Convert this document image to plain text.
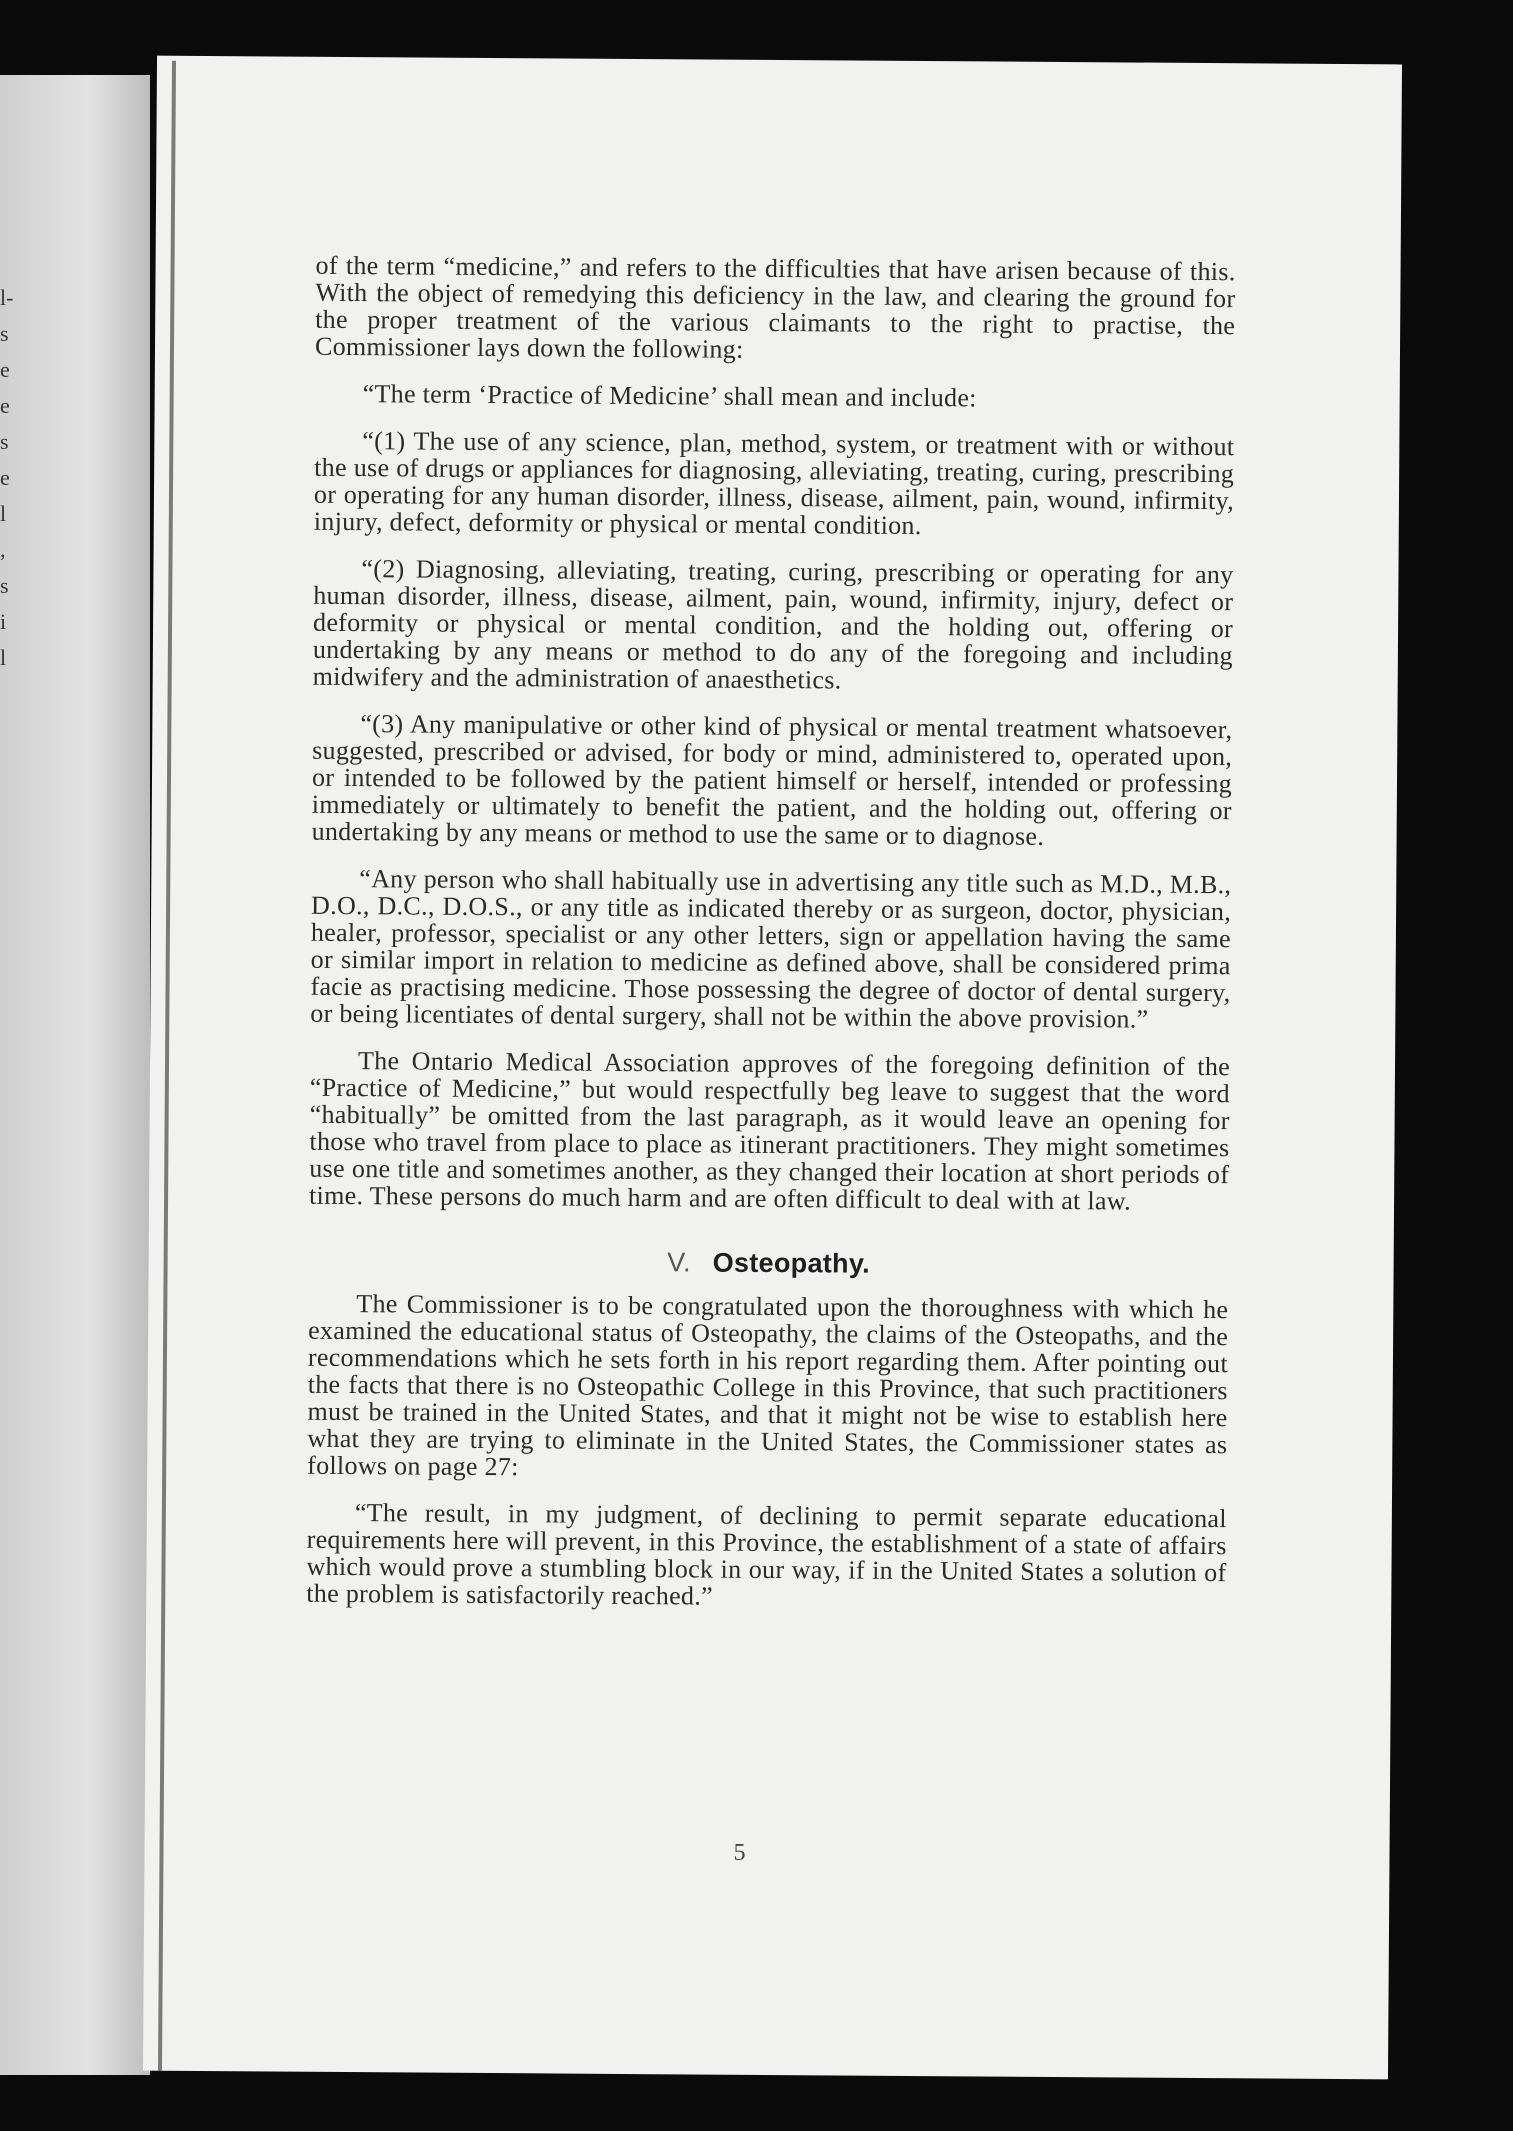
l-
s
e
e
s
e
l
,
s
i
l

of the term “medicine,” and refers to the difficulties that have arisen because of this. With the object of remedying this deficiency in the law, and clearing the ground for the proper treatment of the various claimants to the right to practise, the Commissioner lays down the following:

“The term ‘Practice of Medicine’ shall mean and include:

“(1) The use of any science, plan, method, system, or treatment with or without the use of drugs or appliances for diagnosing, alleviating, treating, curing, prescribing or operating for any human disorder, illness, disease, ailment, pain, wound, infirmity, injury, defect, deformity or physical or mental condition.

“(2) Diagnosing, alleviating, treating, curing, prescribing or operating for any human disorder, illness, disease, ailment, pain, wound, infirmity, injury, defect or deformity or physical or mental condition, and the holding out, offering or undertaking by any means or method to do any of the foregoing and including midwifery and the administration of anaesthetics.

“(3) Any manipulative or other kind of physical or mental treatment whatsoever, suggested, prescribed or advised, for body or mind, administered to, operated upon, or intended to be followed by the patient himself or herself, intended or professing immediately or ultimately to benefit the patient, and the holding out, offering or undertaking by any means or method to use the same or to diagnose.

“Any person who shall habitually use in advertising any title such as M.D., M.B., D.O., D.C., D.O.S., or any title as indicated thereby or as surgeon, doctor, physician, healer, professor, specialist or any other letters, sign or appellation having the same or similar import in relation to medicine as defined above, shall be considered prima facie as practising medicine. Those possessing the degree of doctor of dental surgery, or being licentiates of dental surgery, shall not be within the above provision.”

The Ontario Medical Association approves of the foregoing definition of the “Practice of Medicine,” but would respectfully beg leave to suggest that the word “habitually” be omitted from the last paragraph, as it would leave an opening for those who travel from place to place as itinerant practitioners. They might sometimes use one title and sometimes another, as they changed their location at short periods of time. These persons do much harm and are often difficult to deal with at law.

V. Osteopathy.

The Commissioner is to be congratulated upon the thoroughness with which he examined the educational status of Osteopathy, the claims of the Osteopaths, and the recommendations which he sets forth in his report regarding them. After pointing out the facts that there is no Osteopathic College in this Province, that such practitioners must be trained in the United States, and that it might not be wise to establish here what they are trying to eliminate in the United States, the Commissioner states as follows on page 27:

“The result, in my judgment, of declining to permit separate educational requirements here will prevent, in this Province, the establishment of a state of affairs which would prove a stumbling block in our way, if in the United States a solution of the problem is satisfactorily reached.”

5
